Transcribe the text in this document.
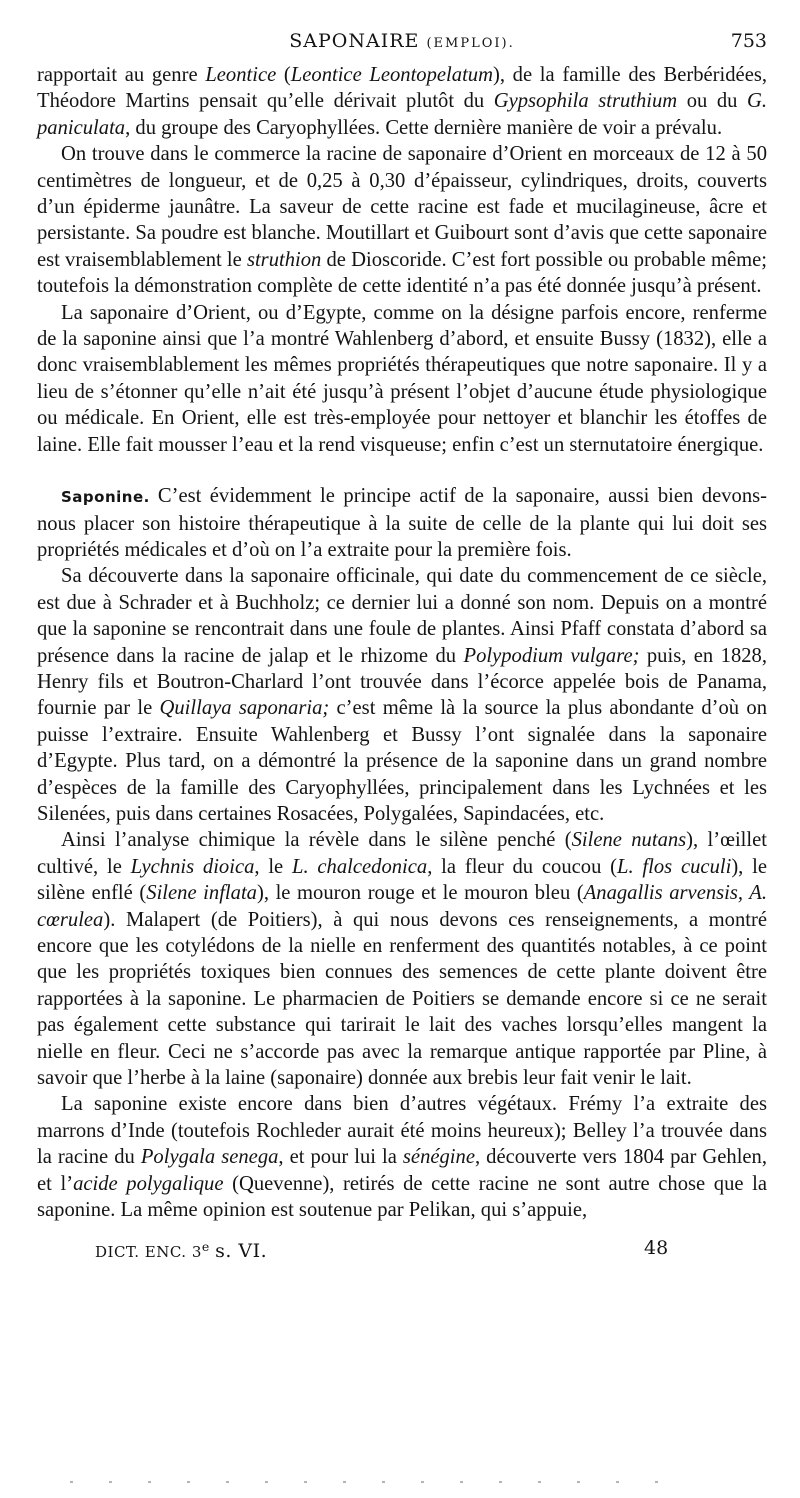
SAPONAIRE (EMPLOI).	753

rapportait au genre Leontice (Leontice Leontopelatum), de la famille des Berbéridées, Théodore Martins pensait qu’elle dérivait plutôt du Gypsophila struthium ou du G. paniculata, du groupe des Caryophyllées. Cette dernière manière de voir a prévalu.

On trouve dans le commerce la racine de saponaire d’Orient en morceaux de 12 à 50 centimètres de longueur, et de 0,25 à 0,30 d’épaisseur, cylindriques, droits, couverts d’un épiderme jaunâtre. La saveur de cette racine est fade et mucilagineuse, âcre et persistante. Sa poudre est blanche. Moutillart et Guibourt sont d’avis que cette saponaire est vraisemblablement le struthion de Dioscoride. C’est fort possible ou probable même; toutefois la démonstration complète de cette identité n’a pas été donnée jusqu’à présent.

La saponaire d’Orient, ou d’Egypte, comme on la désigne parfois encore, renferme de la saponine ainsi que l’a montré Wahlenberg d’abord, et ensuite Bussy (1832), elle a donc vraisemblablement les mêmes propriétés thérapeutiques que notre saponaire. Il y a lieu de s’étonner qu’elle n’ait été jusqu’à présent l’objet d’aucune étude physiologique ou médicale. En Orient, elle est très-employée pour nettoyer et blanchir les étoffes de laine. Elle fait mousser l’eau et la rend visqueuse; enfin c’est un sternutatoire énergique.

Saponine. C’est évidemment le principe actif de la saponaire, aussi bien devons-nous placer son histoire thérapeutique à la suite de celle de la plante qui lui doit ses propriétés médicales et d’où on l’a extraite pour la première fois.

Sa découverte dans la saponaire officinale, qui date du commencement de ce siècle, est due à Schrader et à Buchholz; ce dernier lui a donné son nom. Depuis on a montré que la saponine se rencontrait dans une foule de plantes. Ainsi Pfaff constata d’abord sa présence dans la racine de jalap et le rhizome du Polypodium vulgare; puis, en 1828, Henry fils et Boutron-Charlard l’ont trouvée dans l’écorce appelée bois de Panama, fournie par le Quillaya saponaria; c’est même là la source la plus abondante d’où on puisse l’extraire. Ensuite Wahlenberg et Bussy l’ont signalée dans la saponaire d’Egypte. Plus tard, on a démontré la présence de la saponine dans un grand nombre d’espèces de la famille des Caryophyllées, principalement dans les Lychnées et les Silenées, puis dans certaines Rosacées, Polygalées, Sapindacées, etc.

Ainsi l’analyse chimique la révèle dans le silène penché (Silene nutans), l’œillet cultivé, le Lychnis dioica, le L. chalcedonica, la fleur du coucou (L. flos cuculi), le silène enflé (Silene inflata), le mouron rouge et le mouron bleu (Anagallis arvensis, A. cœrulea). Malapert (de Poitiers), à qui nous devons ces renseignements, a montré encore que les cotylédons de la nielle en renferment des quantités notables, à ce point que les propriétés toxiques bien connues des semences de cette plante doivent être rapportées à la saponine. Le pharmacien de Poitiers se demande encore si ce ne serait pas également cette substance qui tarirait le lait des vaches lorsqu’elles mangent la nielle en fleur. Ceci ne s’accorde pas avec la remarque antique rapportée par Pline, à savoir que l’herbe à la laine (saponaire) donnée aux brebis leur fait venir le lait.

La saponine existe encore dans bien d’autres végétaux. Frémy l’a extraite des marrons d’Inde (toutefois Rochleder aurait été moins heureux); Belley l’a trouvée dans la racine du Polygala senega, et pour lui la sénégine, découverte vers 1804 par Gehlen, et l’acide polygalique (Quevenne), retirés de cette racine ne sont autre chose que la saponine. La même opinion est soutenue par Pelikan, qui s’appuie,

DICT. ENC. 3e s. VI.	48
